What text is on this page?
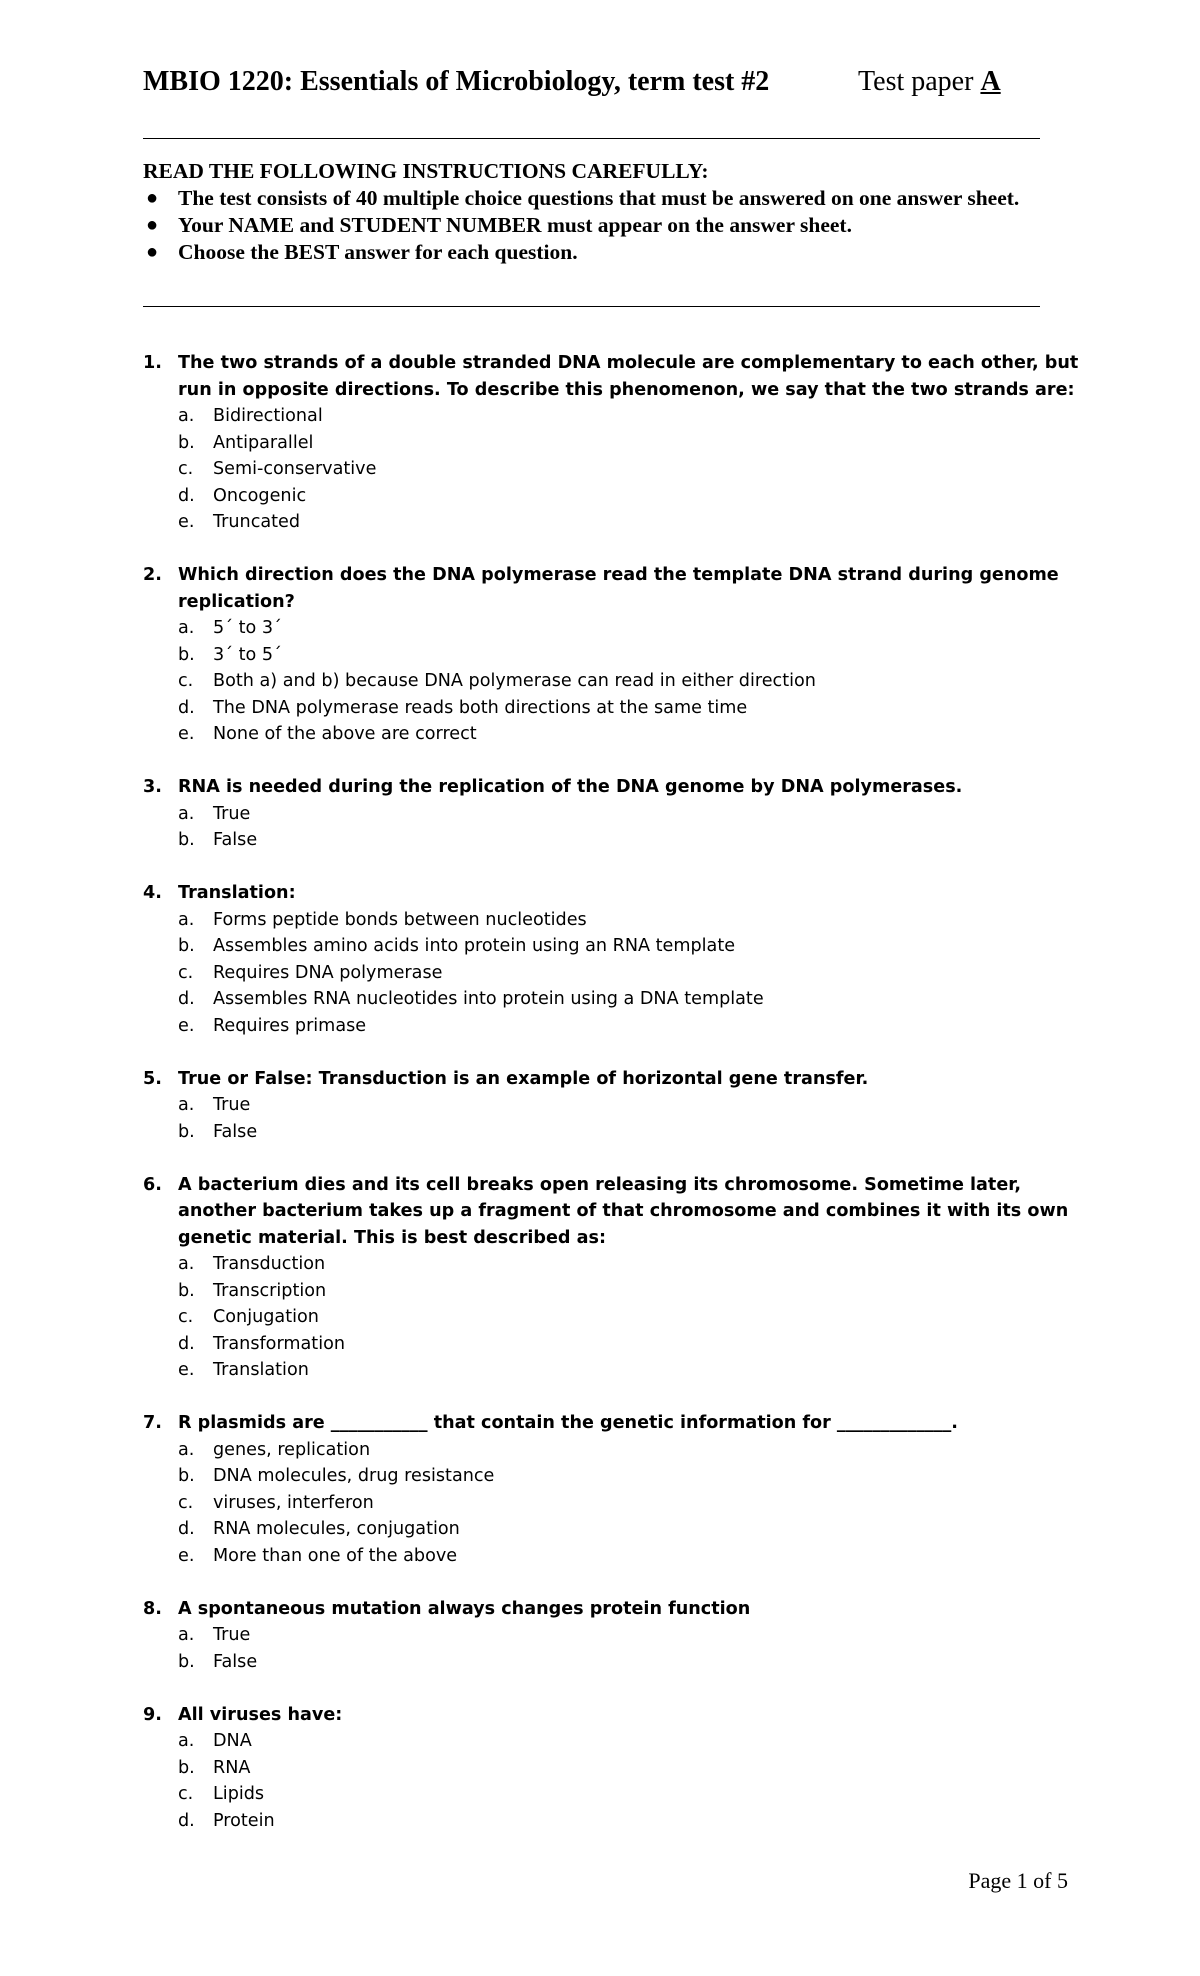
MBIO 1220: Essentials of Microbiology, term test #2	Test paper A

READ THE FOLLOWING INSTRUCTIONS CAREFULLY:

● The test consists of 40 multiple choice questions that must be answered on one answer sheet.
● Your NAME and STUDENT NUMBER must appear on the answer sheet.
● Choose the BEST answer for each question.
1. The two strands of a double stranded DNA molecule are complementary to each other, but run in opposite directions. To describe this phenomenon, we say that the two strands are:
a. Bidirectional
b. Antiparallel
c. Semi-conservative
d. Oncogenic
e. Truncated
2. Which direction does the DNA polymerase read the template DNA strand during genome replication?
a. 5´ to 3´
b. 3´ to 5´
c. Both a) and b) because DNA polymerase can read in either direction
d. The DNA polymerase reads both directions at the same time
e. None of the above are correct
3. RNA is needed during the replication of the DNA genome by DNA polymerases.
a. True
b. False
4. Translation:
a. Forms peptide bonds between nucleotides
b. Assembles amino acids into protein using an RNA template
c. Requires DNA polymerase
d. Assembles RNA nucleotides into protein using a DNA template
e. Requires primase
5. True or False: Transduction is an example of horizontal gene transfer.
a. True
b. False
6. A bacterium dies and its cell breaks open releasing its chromosome. Sometime later, another bacterium takes up a fragment of that chromosome and combines it with its own genetic material. This is best described as:
a. Transduction
b. Transcription
c. Conjugation
d. Transformation
e. Translation
7. R plasmids are ___________ that contain the genetic information for _____________.
a. genes, replication
b. DNA molecules, drug resistance
c. viruses, interferon
d. RNA molecules, conjugation
e. More than one of the above
8. A spontaneous mutation always changes protein function
a. True
b. False
9. All viruses have:
a. DNA
b. RNA
c. Lipids
d. Protein
Page 1 of 5
